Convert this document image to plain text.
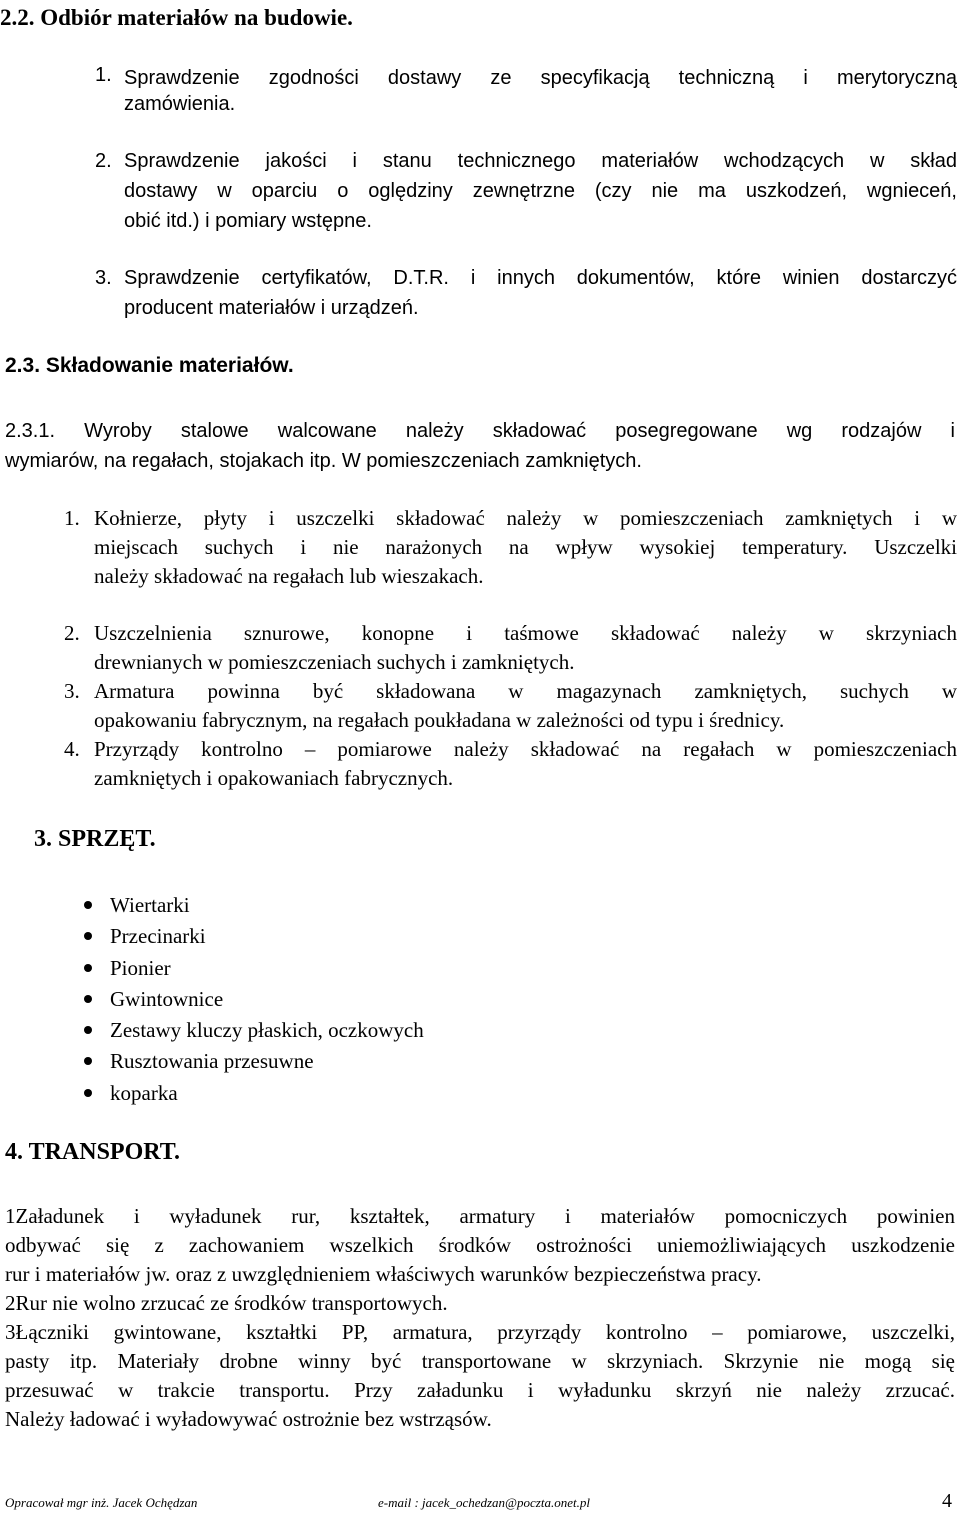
2.2. Odbiór materiałów na budowie.
1. Sprawdzenie zgodności dostawy ze specyfikacją techniczną i merytoryczną
zamówienia.
2. Sprawdzenie jakości i stanu technicznego materiałów wchodzących w skład
dostawy w oparciu o oględziny zewnętrzne (czy nie ma uszkodzeń, wgnieceń,
obić itd.) i pomiary wstępne.
3. Sprawdzenie certyfikatów, D.T.R. i innych dokumentów, które winien dostarczyć
producent materiałów i urządzeń.
2.3. Składowanie materiałów.
2.3.1. Wyroby stalowe walcowane należy składować posegregowane wg rodzajów i
wymiarów, na regałach, stojakach itp. W pomieszczeniach zamkniętych.
1. Kołnierze, płyty i uszczelki składować należy w pomieszczeniach zamkniętych i w
miejscach suchych i nie narażonych na wpływ wysokiej temperatury. Uszczelki
należy składować na regałach lub wieszakach.
2. Uszczelnienia sznurowe, konopne i taśmowe składować należy w skrzyniach
drewnianych w pomieszczeniach suchych i zamkniętych.
3. Armatura powinna być składowana w magazynach zamkniętych, suchych w
opakowaniu fabrycznym, na regałach poukładana w zależności od typu i średnicy.
4. Przyrządy kontrolno – pomiarowe należy składować na regałach w pomieszczeniach
zamkniętych i opakowaniach fabrycznych.
3. SPRZĘT.
Wiertarki
Przecinarki
Pionier
Gwintownice
Zestawy kluczy płaskich, oczkowych
Rusztowania przesuwne
koparka
4. TRANSPORT.
1Załadunek i wyładunek rur, kształtek, armatury i materiałów pomocniczych powinien
odbywać się z zachowaniem wszelkich środków ostrożności uniemożliwiających uszkodzenie
rur i materiałów jw. oraz z uwzględnieniem właściwych warunków bezpieczeństwa pracy.
2Rur nie wolno zrzucać ze środków transportowych.
3Łączniki gwintowane, kształtki PP, armatura, przyrządy kontrolno – pomiarowe, uszczelki,
pasty itp. Materiały drobne winny być transportowane w skrzyniach. Skrzynie nie mogą się
przesuwać w trakcie transportu. Przy załadunku i wyładunku skrzyń nie należy zrzucać.
Należy ładować i wyładowywać ostrożnie bez wstrząsów.
Opracował mgr inż. Jacek Ochędzan	e-mail : jacek_ochedzan@poczta.onet.pl	4
